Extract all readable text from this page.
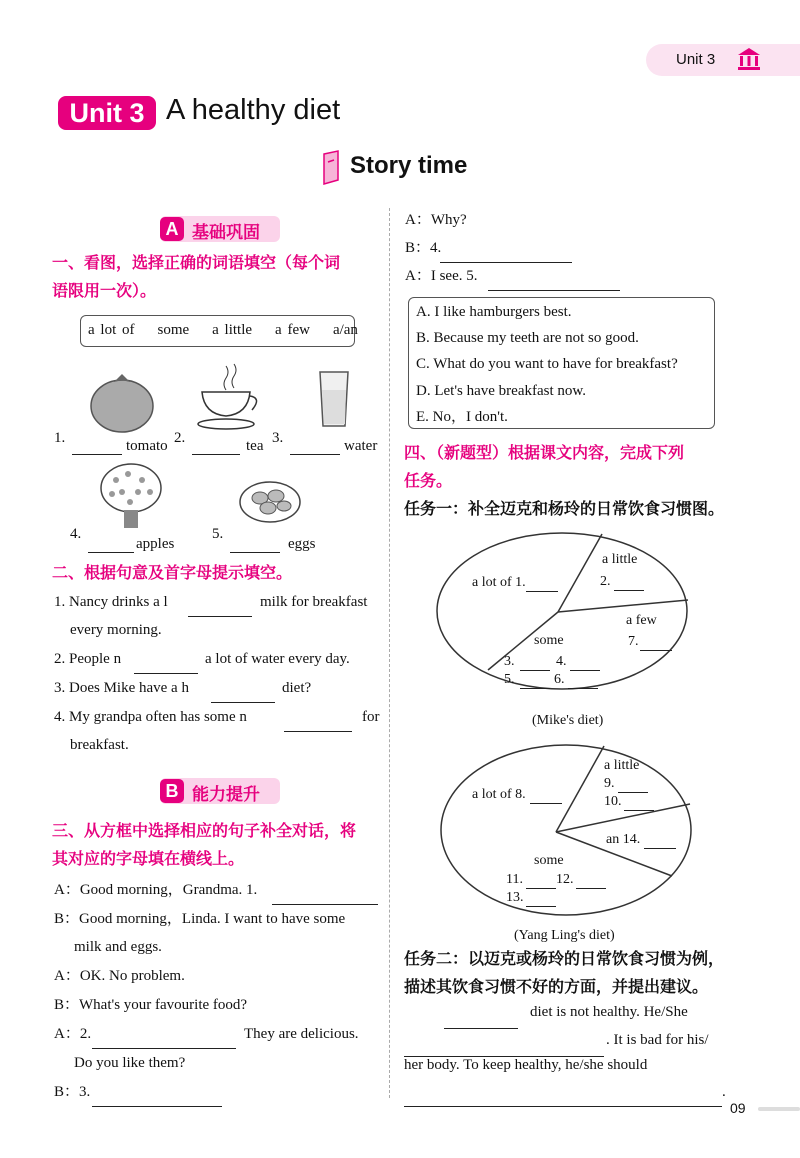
Unit 3
Unit 3 A healthy diet
Story time
A 基础巩固
一、看图，选择正确的词语填空（每个词
语限用一次）。
a lot of    some    a little    a few    a/an
1.	tomato 2.	tea 3.	water
4.
apples
5.
eggs
二、根据句意及首字母提示填空。
1. Nancy drinks a l	milk for breakfast
every morning.
2. People n	a lot of water every day.
3. Does Mike have a h	diet?
4. My grandpa often has some n	for
breakfast.
B 能力提升
三、从方框中选择相应的句子补全对话，将
其对应的字母填在横线上。
A：Good morning，Grandma. 1.
B：Good morning，Linda. I want to have some
milk and eggs.
A：OK. No problem.
B：What's your favourite food?
A：2.	They are delicious.
Do you like them?
B：3.
A：Why?
B：4.
A：I see. 5.
A. I like hamburgers best.
B. Because my teeth are not so good.
C. What do you want to have for breakfast?
D. Let's have breakfast now.
E. No，I don't.
四、（新题型）根据课文内容，完成下列
任务。
任务一：补全迈克和杨玲的日常饮食习惯图。
a lot of 1.
a little
2.
a few
7.
some
3.	4.
5.	6.
(Mike's diet)
a lot of 8.
a little
9.
10.
an 14.
some
11. 12.
13.
(Yang Ling's diet)
任务二：以迈克或杨玲的日常饮食习惯为例，
描述其饮食习惯不好的方面，并提出建议。
diet is not healthy. He/She
. It is bad for his/
her body. To keep healthy, he/she should
.
09
